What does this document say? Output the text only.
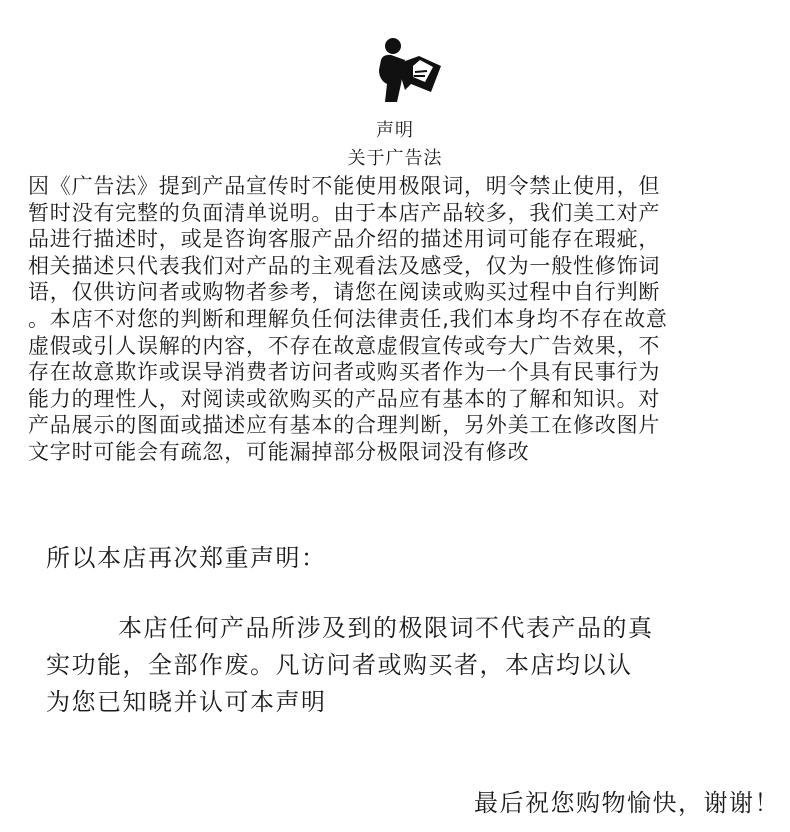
声明
关于广告法
因《广告法》提到产品宣传时不能使用极限词，明令禁止使用，但
暂时没有完整的负面清单说明。由于本店产品较多，我们美工对产
品进行描述时，或是咨询客服产品介绍的描述用词可能存在瑕疵，
相关描述只代表我们对产品的主观看法及感受，仅为一般性修饰词
语，仅供访问者或购物者参考，请您在阅读或购买过程中自行判断
。本店不对您的判断和理解负任何法律责任,我们本身均不存在故意
虚假或引人误解的内容，不存在故意虚假宣传或夸大广告效果，不
存在故意欺诈或误导消费者访问者或购买者作为一个具有民事行为
能力的理性人，对阅读或欲购买的产品应有基本的了解和知识。对
产品展示的图面或描述应有基本的合理判断，另外美工在修改图片
文字时可能会有疏忽，可能漏掉部分极限词没有修改
所以本店再次郑重声明：
本店任何产品所涉及到的极限词不代表产品的真
实功能，全部作废。凡访问者或购买者，本店均以认
为您已知晓并认可本声明
最后祝您购物愉快，谢谢！
